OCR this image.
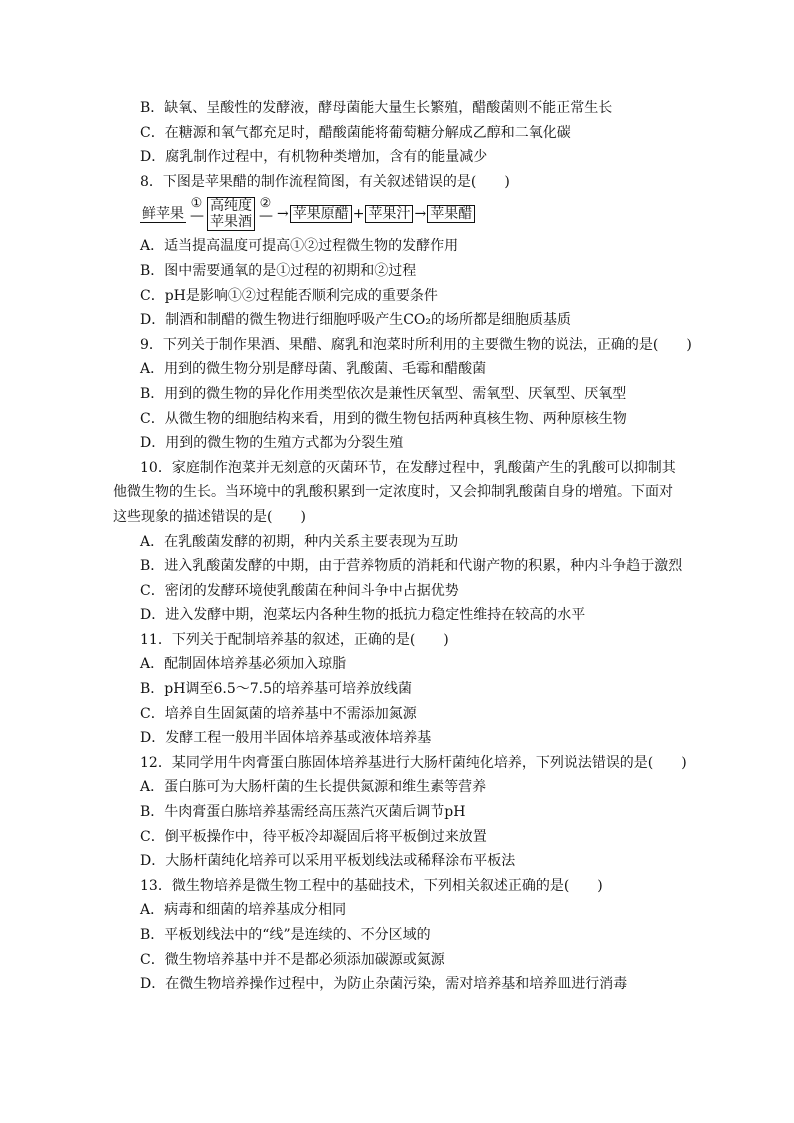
B．缺氧、呈酸性的发酵液，酵母菌能大量生长繁殖，醋酸菌则不能正常生长
C．在糖源和氧气都充足时，醋酸菌能将葡萄糖分解成乙醇和二氧化碳
D．腐乳制作过程中，有机物种类增加，含有的能量减少
8．下图是苹果醋的制作流程简图，有关叙述错误的是(　　)
鲜苹果
①
—
高纯度
苹果酒
②
— → 苹果原醋 + 苹果汁 → 苹果醋
A．适当提高温度可提高①②过程微生物的发酵作用
B．图中需要通氧的是①过程的初期和②过程
C．pH是影响①②过程能否顺利完成的重要条件
D．制酒和制醋的微生物进行细胞呼吸产生CO₂的场所都是细胞质基质
9．下列关于制作果酒、果醋、腐乳和泡菜时所利用的主要微生物的说法，正确的是(　　)
A．用到的微生物分别是酵母菌、乳酸菌、毛霉和醋酸菌
B．用到的微生物的异化作用类型依次是兼性厌氧型、需氧型、厌氧型、厌氧型
C．从微生物的细胞结构来看，用到的微生物包括两种真核生物、两种原核生物
D．用到的微生物的生殖方式都为分裂生殖
10．家庭制作泡菜并无刻意的灭菌环节，在发酵过程中，乳酸菌产生的乳酸可以抑制其
他微生物的生长。当环境中的乳酸积累到一定浓度时，又会抑制乳酸菌自身的增殖。下面对
这些现象的描述错误的是(　　)
A．在乳酸菌发酵的初期，种内关系主要表现为互助
B．进入乳酸菌发酵的中期，由于营养物质的消耗和代谢产物的积累，种内斗争趋于激烈
C．密闭的发酵环境使乳酸菌在种间斗争中占据优势
D．进入发酵中期，泡菜坛内各种生物的抵抗力稳定性维持在较高的水平
11．下列关于配制培养基的叙述，正确的是(　　)
A．配制固体培养基必须加入琼脂
B．pH调至6.5～7.5的培养基可培养放线菌
C．培养自生固氮菌的培养基中不需添加氮源
D．发酵工程一般用半固体培养基或液体培养基
12．某同学用牛肉膏蛋白胨固体培养基进行大肠杆菌纯化培养，下列说法错误的是(　　)
A．蛋白胨可为大肠杆菌的生长提供氮源和维生素等营养
B．牛肉膏蛋白胨培养基需经高压蒸汽灭菌后调节pH
C．倒平板操作中，待平板冷却凝固后将平板倒过来放置
D．大肠杆菌纯化培养可以采用平板划线法或稀释涂布平板法
13．微生物培养是微生物工程中的基础技术，下列相关叙述正确的是(　　)
A．病毒和细菌的培养基成分相同
B．平板划线法中的“线”是连续的、不分区域的
C．微生物培养基中并不是都必须添加碳源或氮源
D．在微生物培养操作过程中，为防止杂菌污染，需对培养基和培养皿进行消毒
